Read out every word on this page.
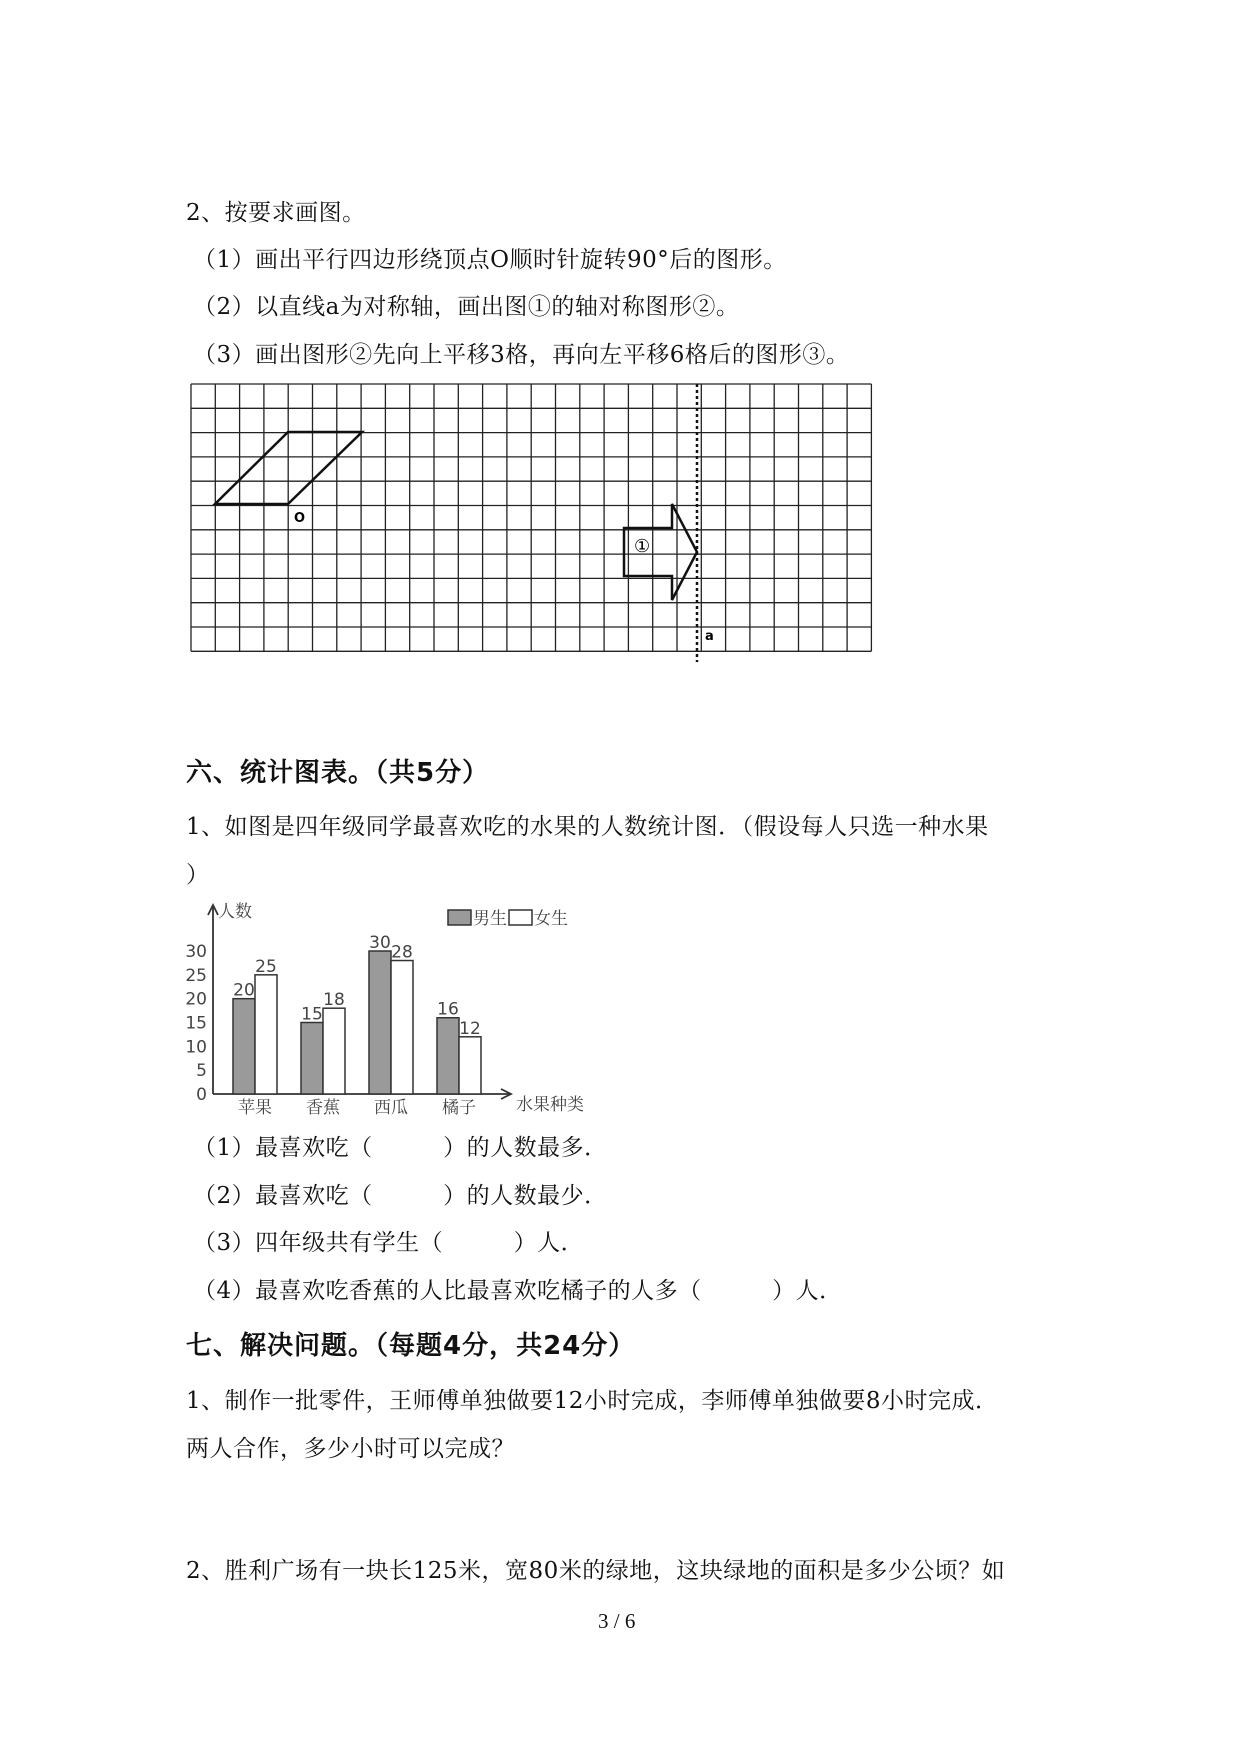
2、按要求画图。
（1）画出平行四边形绕顶点O顺时针旋转90°后的图形。
（2）以直线a为对称轴，画出图①的轴对称图形②。
（3）画出图形②先向上平移3格，再向左平移6格后的图形③。
O
①
a
六、统计图表。（共5分）
1、如图是四年级同学最喜欢吃的水果的人数统计图．（假设每人只选一种水果
）
人数
水果种类
男生 女生
0
5
10
15
20
25
30
20
25
15
18
30 28
16
12
苹果 香蕉 西瓜 橘子
（1）最喜欢吃（　　　）的人数最多．
（2）最喜欢吃（　　　）的人数最少．
（3）四年级共有学生（　　　）人．
（4）最喜欢吃香蕉的人比最喜欢吃橘子的人多（　　　）人．
七、解决问题。（每题4分，共24分）
1、制作一批零件，王师傅单独做要12小时完成，李师傅单独做要8小时完成．
两人合作，多少小时可以完成？
2、胜利广场有一块长125米，宽80米的绿地，这块绿地的面积是多少公顷？如
3 / 6
